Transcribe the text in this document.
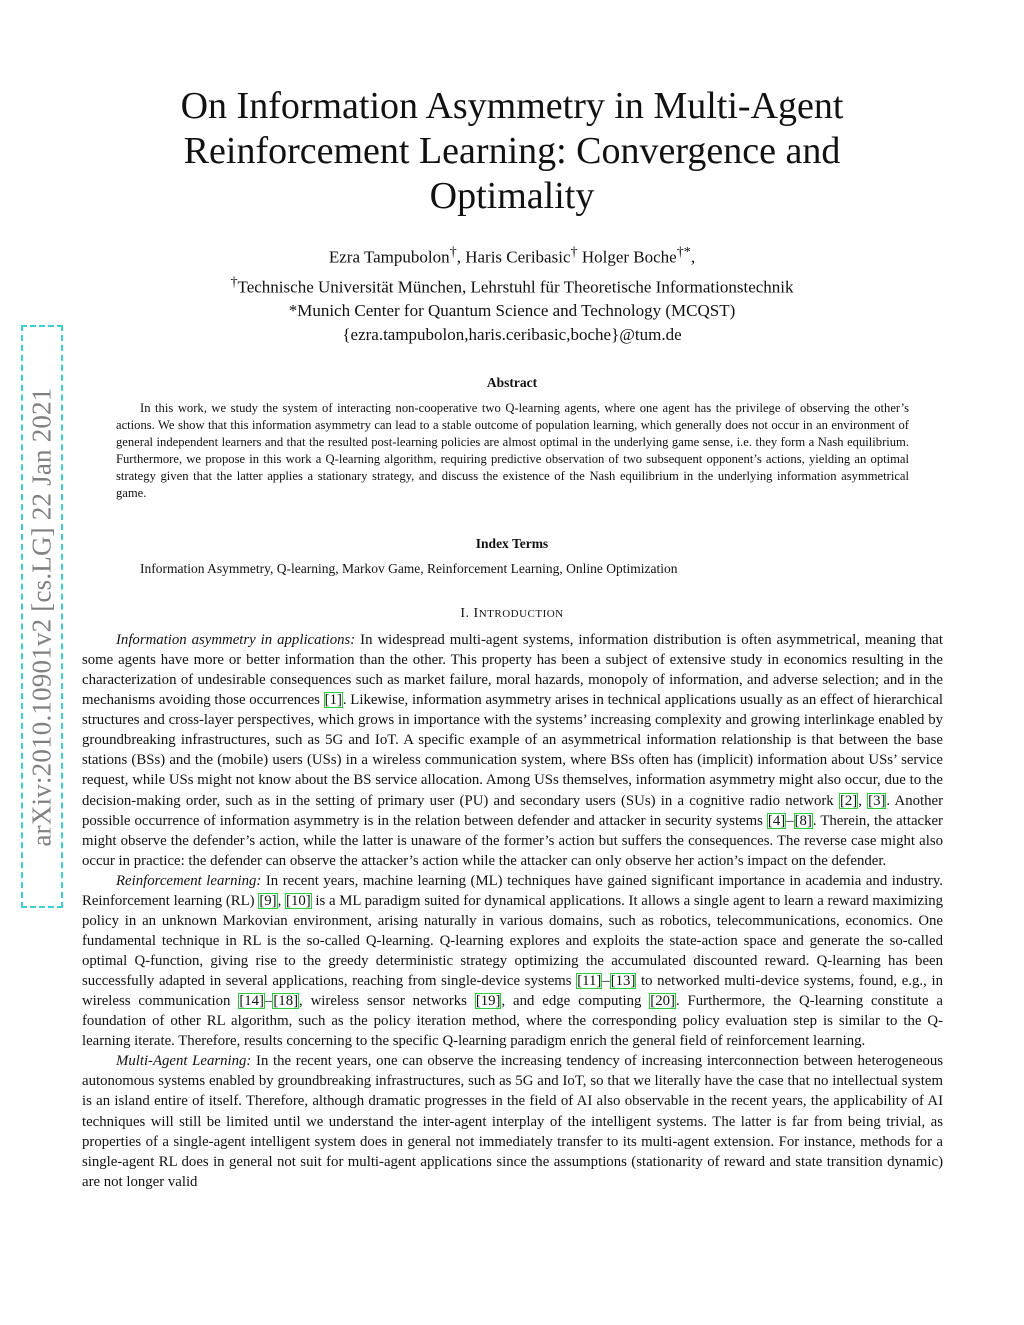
arXiv:2010.10901v2 [cs.LG] 22 Jan 2021
On Information Asymmetry in Multi-Agent
Reinforcement Learning: Convergence and
Optimality
Ezra Tampubolon†, Haris Ceribasic† Holger Boche†*,
†Technische Universität München, Lehrstuhl für Theoretische Informationstechnik
*Munich Center for Quantum Science and Technology (MCQST)
{ezra.tampubolon,haris.ceribasic,boche}@tum.de
Abstract

In this work, we study the system of interacting non-cooperative two Q-learning agents, where one agent has the privilege of observing the other’s actions. We show that this information asymmetry can lead to a stable outcome of population learning, which generally does not occur in an environment of general independent learners and that the resulted post-learning policies are almost optimal in the underlying game sense, i.e. they form a Nash equilibrium. Furthermore, we propose in this work a Q-learning algorithm, requiring predictive observation of two subsequent opponent’s actions, yielding an optimal strategy given that the latter applies a stationary strategy, and discuss the existence of the Nash equilibrium in the underlying information asymmetrical game.

Index Terms
Information Asymmetry, Q-learning, Markov Game, Reinforcement Learning, Online Optimization
I. INTRODUCTION

Information asymmetry in applications: In widespread multi-agent systems, information distribution is often asymmetrical, meaning that some agents have more or better information than the other. This property has been a subject of extensive study in economics resulting in the characterization of undesirable consequences such as market failure, moral hazards, monopoly of information, and adverse selection; and in the mechanisms avoiding those occurrences [1]. Likewise, information asymmetry arises in technical applications usually as an effect of hierarchical structures and cross-layer perspectives, which grows in importance with the systems’ increasing complexity and growing interlinkage enabled by groundbreaking infrastructures, such as 5G and IoT. A specific example of an asymmetrical information relationship is that between the base stations (BSs) and the (mobile) users (USs) in a wireless communication system, where BSs often has (implicit) information about USs’ service request, while USs might not know about the BS service allocation. Among USs themselves, information asymmetry might also occur, due to the decision-making order, such as in the setting of primary user (PU) and secondary users (SUs) in a cognitive radio network [2], [3]. Another possible occurrence of information asymmetry is in the relation between defender and attacker in security systems [4]–[8]. Therein, the attacker might observe the defender’s action, while the latter is unaware of the former’s action but suffers the consequences. The reverse case might also occur in practice: the defender can observe the attacker’s action while the attacker can only observe her action’s impact on the defender.

Reinforcement learning: In recent years, machine learning (ML) techniques have gained significant importance in academia and industry. Reinforcement learning (RL) [9], [10] is a ML paradigm suited for dynamical applications. It allows a single agent to learn a reward maximizing policy in an unknown Markovian environment, arising naturally in various domains, such as robotics, telecommunications, economics. One fundamental technique in RL is the so-called Q-learning. Q-learning explores and exploits the state-action space and generate the so-called optimal Q-function, giving rise to the greedy deterministic strategy optimizing the accumulated discounted reward. Q-learning has been successfully adapted in several applications, reaching from single-device systems [11]–[13] to networked multi-device systems, found, e.g., in wireless communication [14]–[18], wireless sensor networks [19], and edge computing [20]. Furthermore, the Q-learning constitute a foundation of other RL algorithm, such as the policy iteration method, where the corresponding policy evaluation step is similar to the Q-learning iterate. Therefore, results concerning to the specific Q-learning paradigm enrich the general field of reinforcement learning.

Multi-Agent Learning: In the recent years, one can observe the increasing tendency of increasing interconnection between heterogeneous autonomous systems enabled by groundbreaking infrastructures, such as 5G and IoT, so that we literally have the case that no intellectual system is an island entire of itself. Therefore, although dramatic progresses in the field of AI also observable in the recent years, the applicability of AI techniques will still be limited until we understand the inter-agent interplay of the intelligent systems. The latter is far from being trivial, as properties of a single-agent intelligent system does in general not immediately transfer to its multi-agent extension. For instance, methods for a single-agent RL does in general not suit for multi-agent applications since the assumptions (stationarity of reward and state transition dynamic) are not longer valid
